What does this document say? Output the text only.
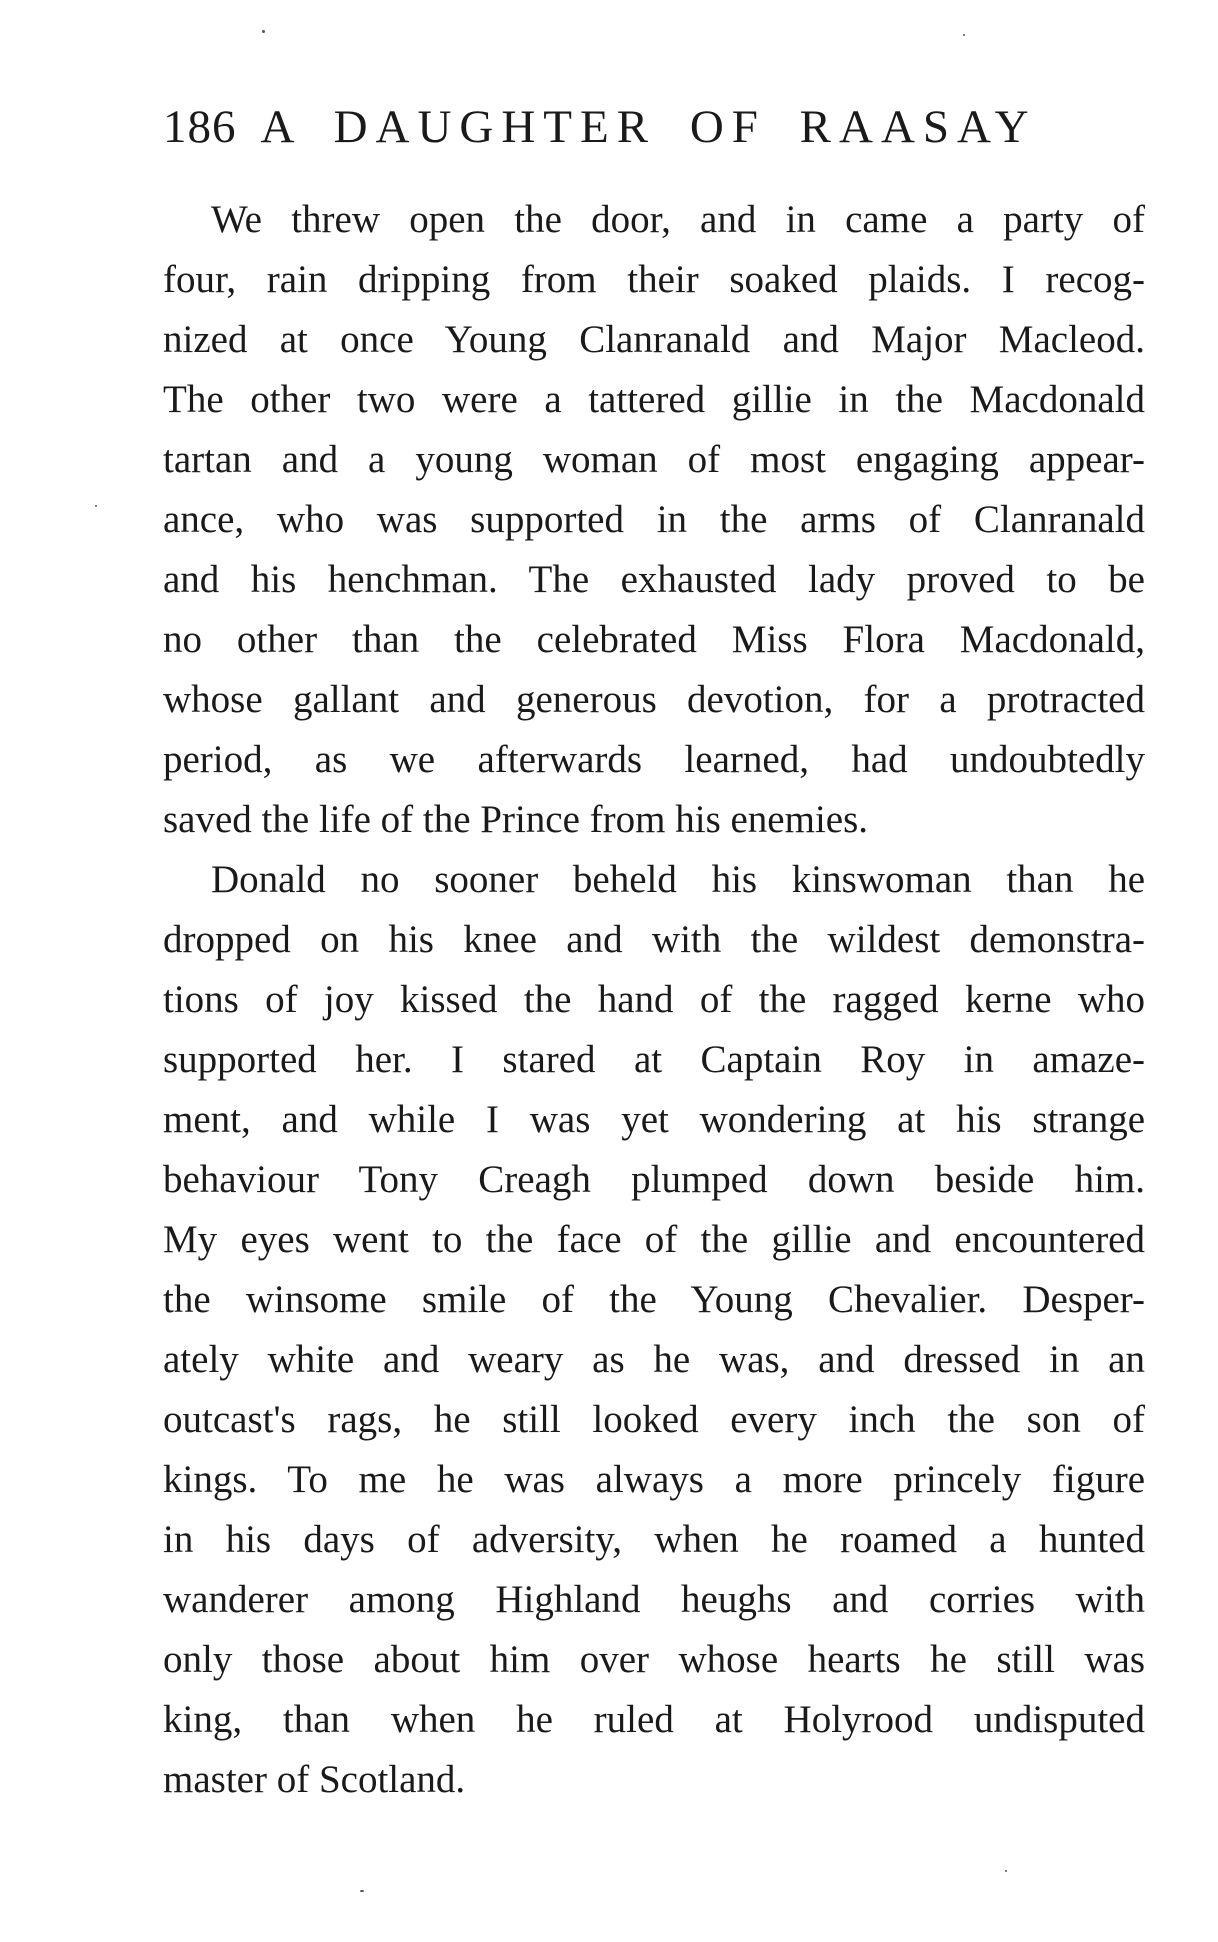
186 A DAUGHTER OF RAASAY
We threw open the door, and in came a party of
four, rain dripping from their soaked plaids. I recog-
nized at once Young Clanranald and Major Macleod.
The other two were a tattered gillie in the Macdonald
tartan and a young woman of most engaging appear-
ance, who was supported in the arms of Clanranald
and his henchman. The exhausted lady proved to be
no other than the celebrated Miss Flora Macdonald,
whose gallant and generous devotion, for a protracted
period, as we afterwards learned, had undoubtedly
saved the life of the Prince from his enemies.
Donald no sooner beheld his kinswoman than he
dropped on his knee and with the wildest demonstra-
tions of joy kissed the hand of the ragged kerne who
supported her. I stared at Captain Roy in amaze-
ment, and while I was yet wondering at his strange
behaviour Tony Creagh plumped down beside him.
My eyes went to the face of the gillie and encountered
the winsome smile of the Young Chevalier. Desper-
ately white and weary as he was, and dressed in an
outcast's rags, he still looked every inch the son of
kings. To me he was always a more princely figure
in his days of adversity, when he roamed a hunted
wanderer among Highland heughs and corries with
only those about him over whose hearts he still was
king, than when he ruled at Holyrood undisputed
master of Scotland.
